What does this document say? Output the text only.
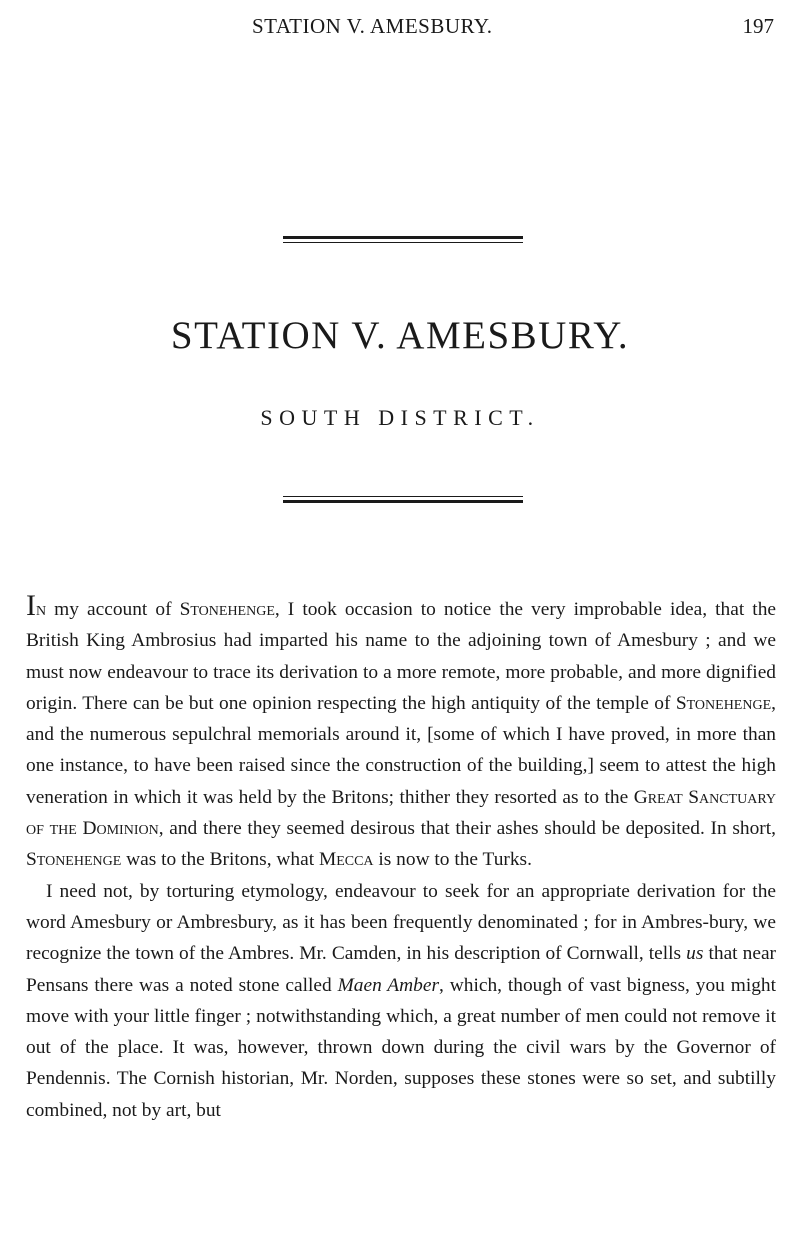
STATION V. AMESBURY.	197
STATION V. AMESBURY.
SOUTH DISTRICT.

In my account of Stonehenge, I took occasion to notice the very improbable idea, that the British King Ambrosius had imparted his name to the adjoining town of Amesbury ; and we must now endeavour to trace its derivation to a more remote, more probable, and more dignified origin. There can be but one opinion respecting the high antiquity of the temple of Stonehenge, and the numerous sepulchral memorials around it, [some of which I have proved, in more than one instance, to have been raised since the construction of the building,] seem to attest the high veneration in which it was held by the Britons; thither they resorted as to the Great Sanctuary of the Dominion, and there they seemed desirous that their ashes should be deposited. In short, Stonehenge was to the Britons, what Mecca is now to the Turks.

I need not, by torturing etymology, endeavour to seek for an appropriate derivation for the word Amesbury or Ambresbury, as it has been frequently denominated ; for in Ambres-bury, we recognize the town of the Ambres. Mr. Camden, in his description of Cornwall, tells us that near Pensans there was a noted stone called Maen Amber, which, though of vast bigness, you might move with your little finger ; notwithstanding which, a great number of men could not remove it out of the place. It was, however, thrown down during the civil wars by the Governor of Pendennis. The Cornish historian, Mr. Norden, supposes these stones were so set, and subtilly combined, not by art, but
